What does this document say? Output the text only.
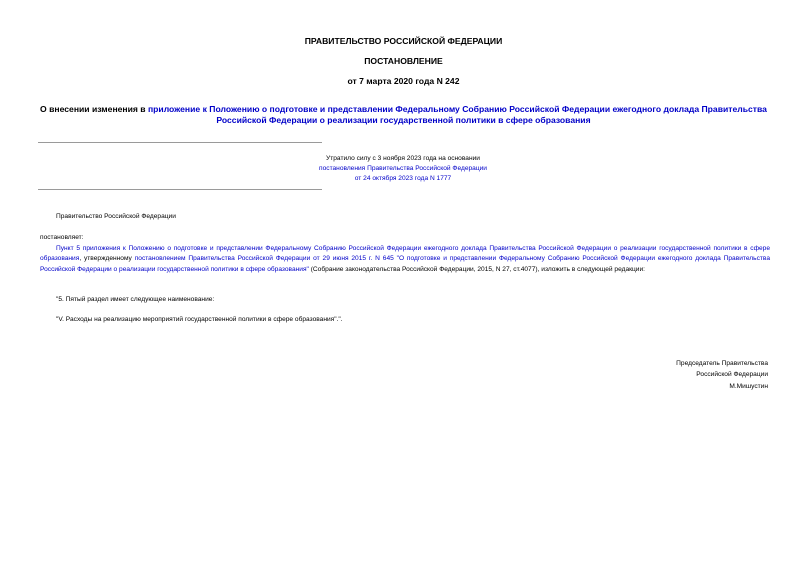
ПРАВИТЕЛЬСТВО РОССИЙСКОЙ ФЕДЕРАЦИИ
ПОСТАНОВЛЕНИЕ
от 7 марта 2020 года N 242
О внесении изменения в приложение к Положению о подготовке и представлении Федеральному Собранию Российской Федерации ежегодного доклада Правительства Российской Федерации о реализации государственной политики в сфере образования
Утратило силу с 3 ноября 2023 года на основании
постановления Правительства Российской Федерации
от 24 октября 2023 года N 1777
Правительство Российской Федерации
постановляет:
Пункт 5 приложения к Положению о подготовке и представлении Федеральному Собранию Российской Федерации ежегодного доклада Правительства Российской Федерации о реализации государственной политики в сфере образования, утвержденному постановлением Правительства Российской Федерации от 29 июня 2015 г. N 645 "О подготовке и представлении Федеральному Собранию Российской Федерации ежегодного доклада Правительства Российской Федерации о реализации государственной политики в сфере образования" (Собрание законодательства Российской Федерации, 2015, N 27, ст.4077), изложить в следующей редакции:
"5. Пятый раздел имеет следующее наименование:
"V. Расходы на реализацию мероприятий государственной политики в сфере образования".".
Председатель Правительства
Российской Федерации
М.Мишустин
